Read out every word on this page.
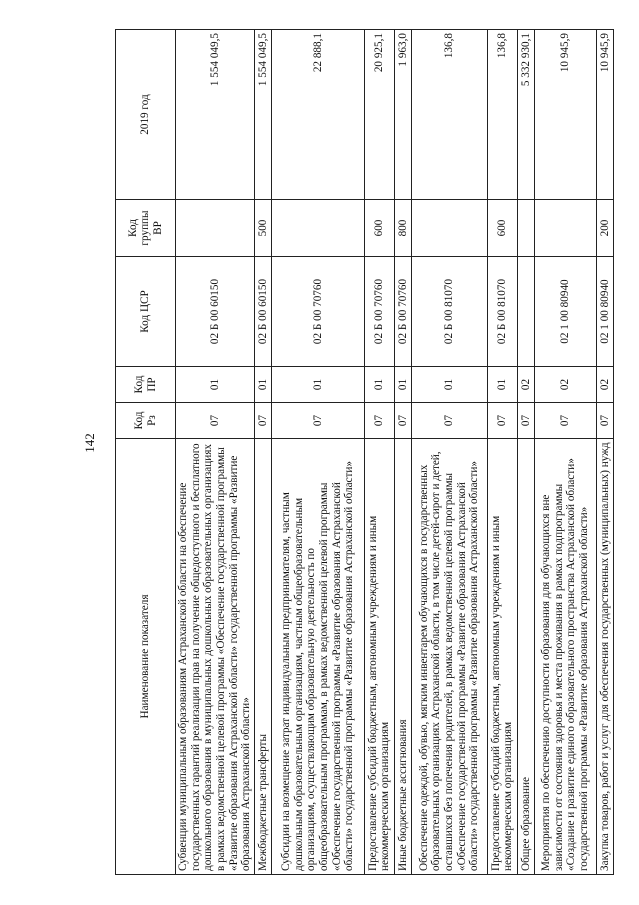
142
Наименование показателя	Код Рз	Код ПР	Код ЦСР	Код группы ВР	2019 год
Субвенции муниципальным образованиям Астраханской области на обеспечение государственных гарантий реализации прав на получение общедоступного и бесплатного дошкольного образования в муниципальных дошкольных образовательных организациях в рамках ведомственной целевой программы «Обеспечение государственной программы «Развитие образования Астраханской области» государственной программы «Развитие образования Астраханской области»	07	01	02 Б 00 60150		1 554 049,5
Межбюджетные трансферты	07	01	02 Б 00 60150	500	1 554 049,5
Субсидии на возмещение затрат индивидуальным предпринимателям, частным дошкольным образовательным организациям, частным общеобразовательным организациям, осуществляющим образовательную деятельность по общеобразовательным программам, в рамках ведомственной целевой программы «Обеспечение государственной программы «Развитие образования Астраханской области» государственной программы «Развитие образования Астраханской области»	07	01	02 Б 00 70760		22 888,1
Предоставление субсидий бюджетным, автономным учреждениям и иным некоммерческим организациям	07	01	02 Б 00 70760	600	20 925,1
Иные бюджетные ассигнования	07	01	02 Б 00 70760	800	1 963,0
Обеспечение одеждой, обувью, мягким инвентарем обучающихся в государственных образовательных организациях Астраханской области, в том числе детей-сирот и детей, оставшихся без попечения родителей, в рамках ведомственной целевой программы «Обеспечение государственной программы «Развитие образования Астраханской области» государственной программы «Развитие образования Астраханской области»	07	01	02 Б 00 81070		136,8
Предоставление субсидий бюджетным, автономным учреждениям и иным некоммерческим организациям	07	01	02 Б 00 81070	600	136,8
Общее образование	07	02			5 332 930,1
Мероприятия по обеспечению доступности образования для обучающихся вне зависимости от состояния здоровья и места проживания в рамках подпрограммы «Создание и развитие единого образовательного пространства Астраханской области» государственной программы «Развитие образования Астраханской области»	07	02	02 1 00 80940		10 945,9
Закупка товаров, работ и услуг для обеспечения государственных (муниципальных) нужд	07	02	02 1 00 80940	200	10 945,9
